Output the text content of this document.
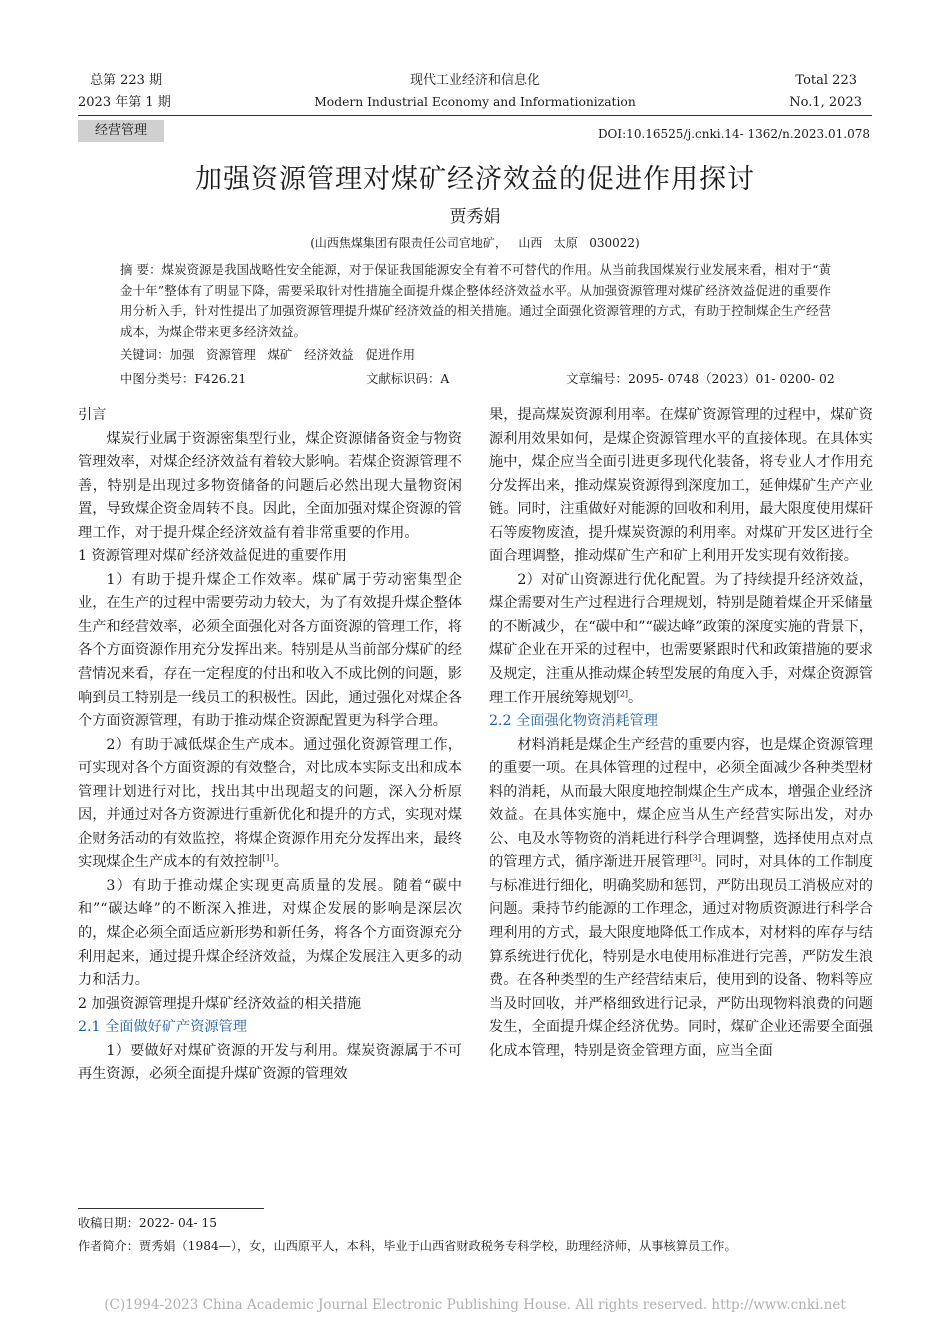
总第 223 期
2023 年第 1 期
现代工业经济和信息化
Modern Industrial Economy and Informationization
Total 223
No.1, 2023
经营管理	DOI:10.16525/j.cnki.14- 1362/n.2023.01.078
加强资源管理对煤矿经济效益的促进作用探讨
贾秀娟
(山西焦煤集团有限责任公司官地矿，   山西   太原   030022)
摘 要：煤炭资源是我国战略性安全能源，对于保证我国能源安全有着不可替代的作用。从当前我国煤炭行业发展来看，相对于“黄金十年”整体有了明显下降，需要采取针对性措施全面提升煤企整体经济效益水平。从加强资源管理对煤矿经济效益促进的重要作用分析入手，针对性提出了加强资源管理提升煤矿经济效益的相关措施。通过全面强化资源管理的方式，有助于控制煤企生产经营成本，为煤企带来更多经济效益。
关键词：加强   资源管理   煤矿   经济效益   促进作用
中图分类号：F426.21	文献标识码：A	文章编号：2095- 0748（2023）01- 0200- 02

引言

煤炭行业属于资源密集型行业，煤企资源储备资金与物资管理效率，对煤企经济效益有着较大影响。若煤企资源管理不善，特别是出现过多物资储备的问题后必然出现大量物资闲置，导致煤企资金周转不良。因此，全面加强对煤企资源的管理工作，对于提升煤企经济效益有着非常重要的作用。

1 资源管理对煤矿经济效益促进的重要作用

1）有助于提升煤企工作效率。煤矿属于劳动密集型企业，在生产的过程中需要劳动力较大，为了有效提升煤企整体生产和经营效率，必须全面强化对各方面资源的管理工作，将各个方面资源作用充分发挥出来。特别是从当前部分煤矿的经营情况来看，存在一定程度的付出和收入不成比例的问题，影响到员工特别是一线员工的积极性。因此，通过强化对煤企各个方面资源管理，有助于推动煤企资源配置更为科学合理。

2）有助于减低煤企生产成本。通过强化资源管理工作，可实现对各个方面资源的有效整合，对比成本实际支出和成本管理计划进行对比，找出其中出现超支的问题，深入分析原因，并通过对各方资源进行重新优化和提升的方式，实现对煤企财务活动的有效监控，将煤企资源作用充分发挥出来，最终实现煤企生产成本的有效控制[1]。

3）有助于推动煤企实现更高质量的发展。随着“碳中和”“碳达峰”的不断深入推进，对煤企发展的影响是深层次的，煤企必须全面适应新形势和新任务，将各个方面资源充分利用起来，通过提升煤企经济效益，为煤企发展注入更多的动力和活力。

2 加强资源管理提升煤矿经济效益的相关措施

2.1 全面做好矿产资源管理

1）要做好对煤矿资源的开发与利用。煤炭资源属于不可再生资源，必须全面提升煤矿资源的管理效

果，提高煤炭资源利用率。在煤矿资源管理的过程中，煤矿资源利用效果如何，是煤企资源管理水平的直接体现。在具体实施中，煤企应当全面引进更多现代化装备，将专业人才作用充分发挥出来，推动煤炭资源得到深度加工，延伸煤矿生产产业链。同时，注重做好对能源的回收和利用，最大限度使用煤矸石等废物废渣，提升煤炭资源的利用率。对煤矿开发区进行全面合理调整，推动煤矿生产和矿上利用开发实现有效衔接。

2）对矿山资源进行优化配置。为了持续提升经济效益，煤企需要对生产过程进行合理规划，特别是随着煤企开采储量的不断减少，在“碳中和”“碳达峰”政策的深度实施的背景下，煤矿企业在开采的过程中，也需要紧跟时代和政策措施的要求及规定，注重从推动煤企转型发展的角度入手，对煤企资源管理工作开展统筹规划[2]。

2.2 全面强化物资消耗管理

材料消耗是煤企生产经营的重要内容，也是煤企资源管理的重要一项。在具体管理的过程中，必须全面减少各种类型材料的消耗，从而最大限度地控制煤企生产成本，增强企业经济效益。在具体实施中，煤企应当从生产经营实际出发，对办公、电及水等物资的消耗进行科学合理调整，选择使用点对点的管理方式，循序渐进开展管理[3]。同时，对具体的工作制度与标准进行细化，明确奖励和惩罚，严防出现员工消极应对的问题。秉持节约能源的工作理念，通过对物质资源进行科学合理利用的方式，最大限度地降低工作成本，对材料的库存与结算系统进行优化，特别是水电使用标准进行完善，严防发生浪费。在各种类型的生产经营结束后，使用到的设备、物料等应当及时回收，并严格细致进行记录，严防出现物料浪费的问题发生，全面提升煤企经济优势。同时，煤矿企业还需要全面强化成本管理，特别是资金管理方面，应当全面

收稿日期：2022- 04- 15
作者简介：贾秀娟（1984—），女，山西原平人，本科，毕业于山西省财政税务专科学校，助理经济师，从事核算员工作。
(C)1994-2023 China Academic Journal Electronic Publishing House. All rights reserved. http://www.cnki.net
